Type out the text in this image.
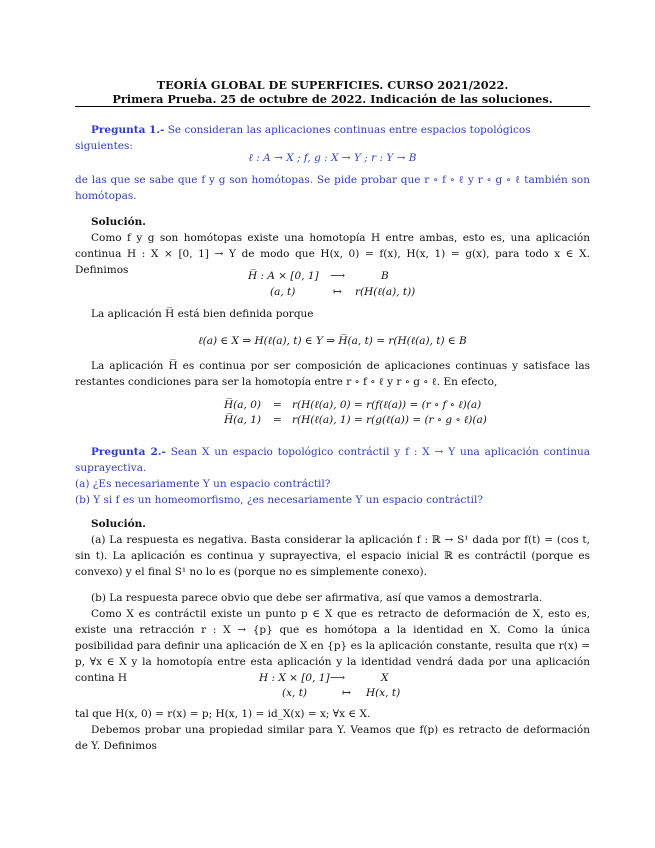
TEORÍA GLOBAL DE SUPERFICIES. CURSO 2021/2022.
Primera Prueba. 25 de octubre de 2022. Indicación de las soluciones.
Pregunta 1.- Se consideran las aplicaciones continuas entre espacios topológicos siguientes:
ℓ : A → X ; f, g : X → Y ; r : Y → B
de las que se sabe que f y g son homótopas. Se pide probar que r ∘ f ∘ ℓ y r ∘ g ∘ ℓ también son homótopas.
Solución.
Como f y g son homótopas existe una homotopía H entre ambas, esto es, una aplicación continua H : X × [0, 1] → Y de modo que H(x, 0) = f(x), H(x, 1) = g(x), para todo x ∈ X. Definimos	H̅ : A × [0, 1] ⟶	B
(a, t)	↦ r(H(ℓ(a), t))
La aplicación H̅ está bien definida porque
ℓ(a) ∈ X ⇒ H(ℓ(a), t) ∈ Y ⇒ H̅(a, t) = r(H(ℓ(a), t) ∈ B
La aplicación H̅ es continua por ser composición de aplicaciones continuas y satisface las restantes condiciones para ser la homotopía entre r ∘ f ∘ ℓ y r ∘ g ∘ ℓ. En efecto,
H̅(a, 0) = r(H(ℓ(a), 0) = r(f(ℓ(a)) = (r ∘ f ∘ ℓ)(a)
H̅(a, 1) = r(H(ℓ(a), 1) = r(g(ℓ(a)) = (r ∘ g ∘ ℓ)(a)
Pregunta 2.- Sean X un espacio topológico contráctil y f : X → Y una aplicación continua suprayectiva.
(a) ¿Es necesariamente Y un espacio contráctil?
(b) Y si f es un homeomorfismo, ¿es necesariamente Y un espacio contráctil?
Solución.
(a) La respuesta es negativa. Basta considerar la aplicación f : ℝ → S¹ dada por f(t) = (cos t, sin t). La aplicación es continua y suprayectiva, el espacio inicial ℝ es contráctil (porque es convexo) y el final S¹ no lo es (porque no es simplemente conexo).
(b) La respuesta parece obvio que debe ser afirmativa, así que vamos a demostrarla.
Como X es contráctil existe un punto p ∈ X que es retracto de deformación de X, esto es, existe una retracción r : X → {p} que es homótopa a la identidad en X. Como la única posibilidad para definir una aplicación de X en {p} es la aplicación constante, resulta que r(x) = p, ∀x ∈ X y la homotopía entre esta aplicación y la identidad vendrá dada por una aplicación contina H	H : X × [0, 1] ⟶	X
(x, t)	↦ H(x, t)
tal que H(x, 0) = r(x) = p; H(x, 1) = id_X(x) = x; ∀x ∈ X.
Debemos probar una propiedad similar para Y. Veamos que f(p) es retracto de deformación de Y. Definimos
